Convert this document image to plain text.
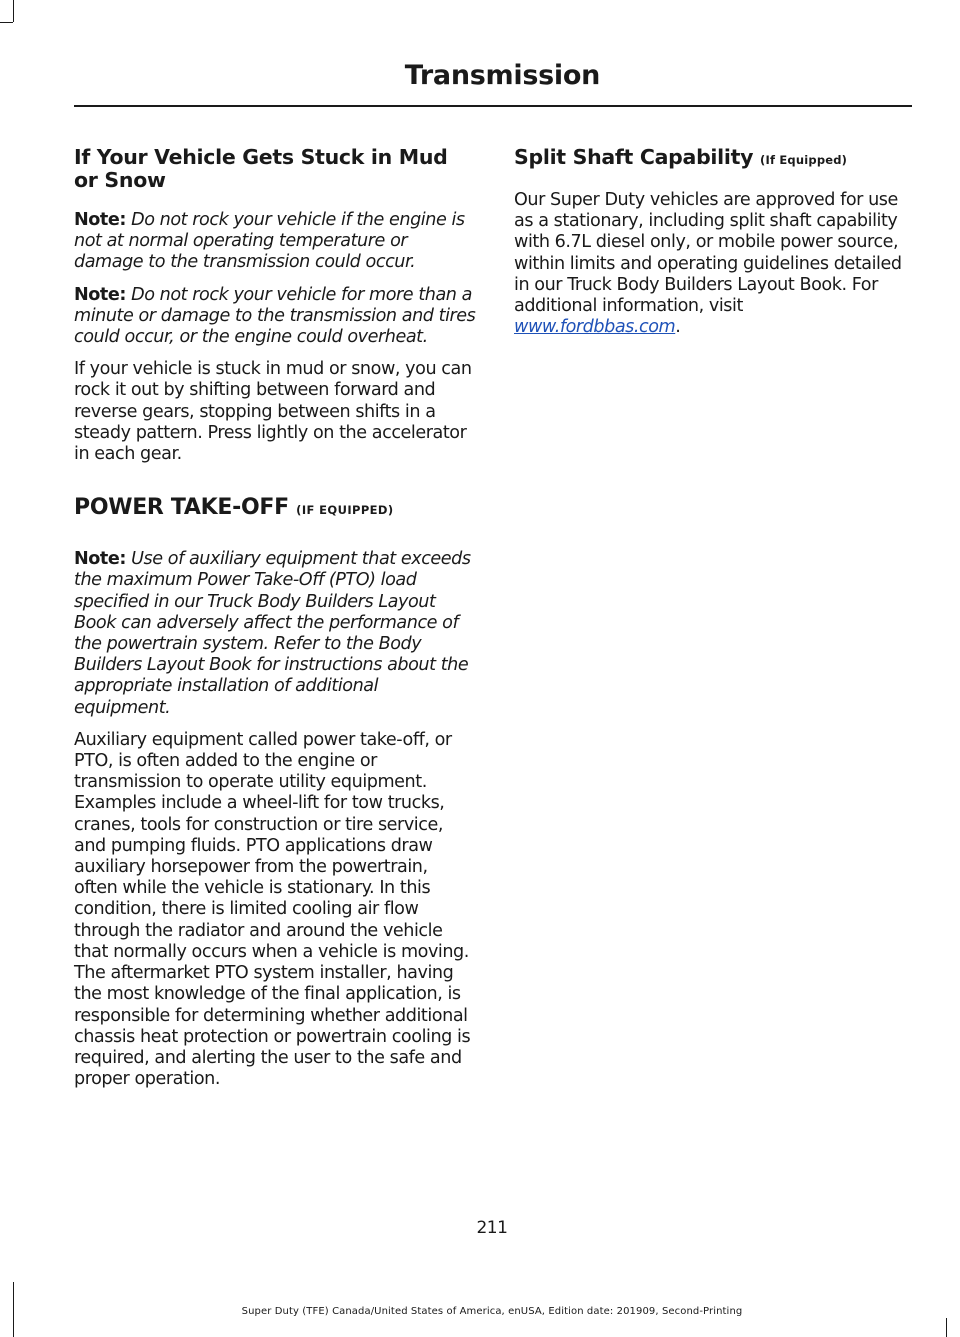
Transmission
If Your Vehicle Gets Stuck in Mud or Snow

Note: Do not rock your vehicle if the engine is not at normal operating temperature or damage to the transmission could occur.

Note: Do not rock your vehicle for more than a minute or damage to the transmission and tires could occur, or the engine could overheat.

If your vehicle is stuck in mud or snow, you can rock it out by shifting between forward and reverse gears, stopping between shifts in a steady pattern. Press lightly on the accelerator in each gear.

POWER TAKE-OFF (IF EQUIPPED)

Note: Use of auxiliary equipment that exceeds the maximum Power Take-Off (PTO) load specified in our Truck Body Builders Layout Book can adversely affect the performance of the powertrain system. Refer to the Body Builders Layout Book for instructions about the appropriate installation of additional equipment.

Auxiliary equipment called power take-off, or PTO, is often added to the engine or transmission to operate utility equipment. Examples include a wheel-lift for tow trucks, cranes, tools for construction or tire service, and pumping fluids. PTO applications draw auxiliary horsepower from the powertrain, often while the vehicle is stationary. In this condition, there is limited cooling air flow through the radiator and around the vehicle that normally occurs when a vehicle is moving. The aftermarket PTO system installer, having the most knowledge of the final application, is responsible for determining whether additional chassis heat protection or powertrain cooling is required, and alerting the user to the safe and proper operation.

Split Shaft Capability (If Equipped)

Our Super Duty vehicles are approved for use as a stationary, including split shaft capability with 6.7L diesel only, or mobile power source, within limits and operating guidelines detailed in our Truck Body Builders Layout Book. For additional information, visit www.fordbbas.com.

211

Super Duty (TFE) Canada/United States of America, enUSA, Edition date: 201909, Second-Printing
